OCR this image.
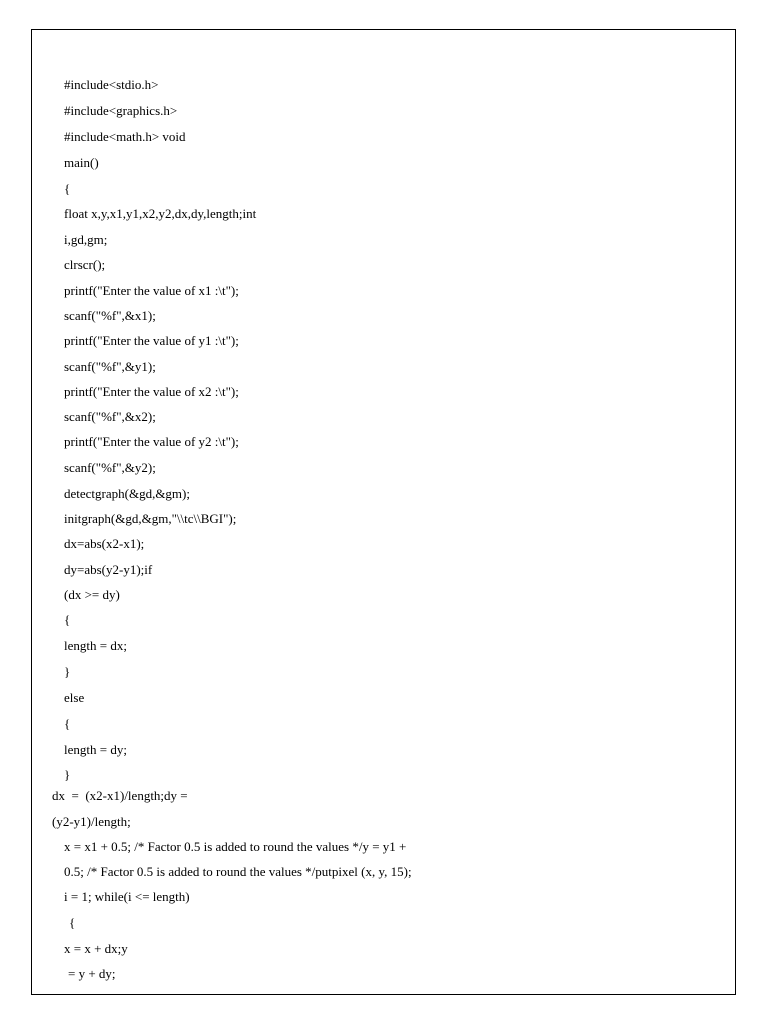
#include<stdio.h>
#include<graphics.h>
#include<math.h> void
main()
{
float x,y,x1,y1,x2,y2,dx,dy,length;int
i,gd,gm;
clrscr();
printf("Enter the value of x1 :\t");
scanf("%f",&x1);
printf("Enter the value of y1 :\t");
scanf("%f",&y1);
printf("Enter the value of x2 :\t");
scanf("%f",&x2);
printf("Enter the value of y2 :\t");
scanf("%f",&y2);
detectgraph(&gd,&gm);
initgraph(&gd,&gm,"\\tc\\BGI");
dx=abs(x2-x1);
dy=abs(y2-y1);if
(dx >= dy)
{
length = dx;
}
else
{
length = dy;
}
dx  =  (x2-x1)/length;dy =
(y2-y1)/length;
x = x1 + 0.5; /* Factor 0.5 is added to round the values */y = y1 +
0.5; /* Factor 0.5 is added to round the values */putpixel (x, y, 15);
i = 1; while(i <= length)
{
x = x + dx;y
= y + dy;
